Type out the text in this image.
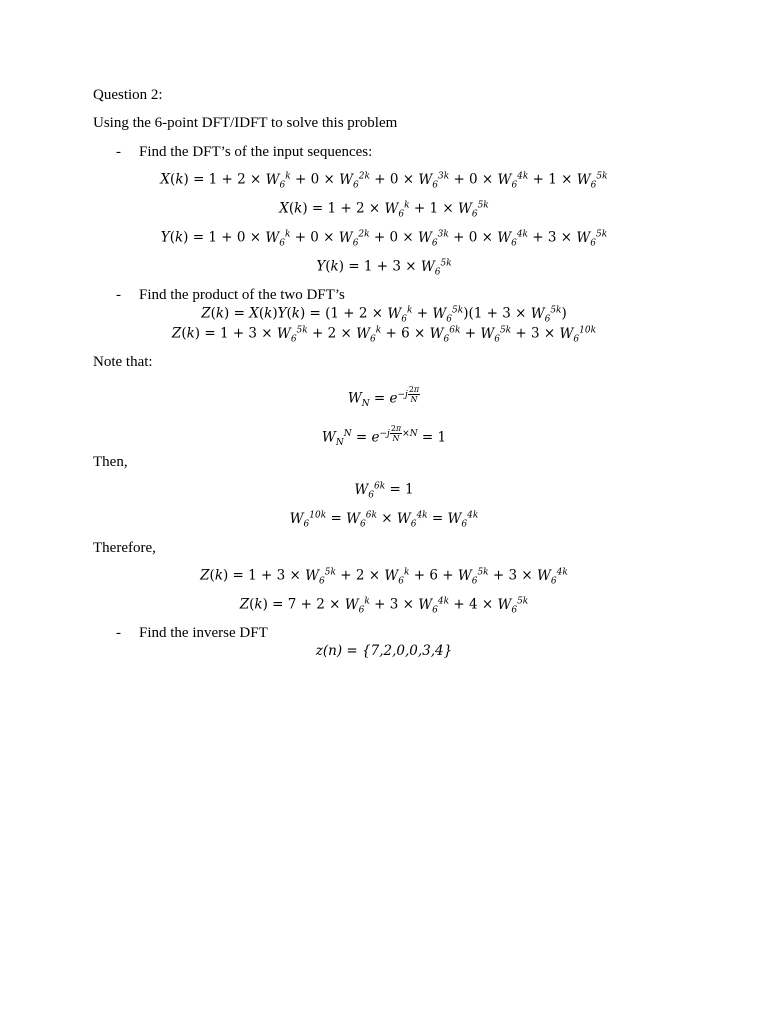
Question 2:
Using the 6-point DFT/IDFT to solve this problem
- Find the DFT’s of the input sequences:
$X(k) = 1 + 2 \times W_6^k + 0 \times W_6^{2k} + 0 \times W_6^{3k} + 0 \times W_6^{4k} + 1 \times W_6^{5k}$
$X(k) = 1 + 2 \times W_6^k + 1 \times W_6^{5k}$
$Y(k) = 1 + 0 \times W_6^k + 0 \times W_6^{2k} + 0 \times W_6^{3k} + 0 \times W_6^{4k} + 3 \times W_6^{5k}$
$Y(k) = 1 + 3 \times W_6^{5k}$
- Find the product of the two DFT’s
$Z(k) = X(k)Y(k) = (1 + 2 \times W_6^k + W_6^{5k})(1 + 3 \times W_6^{5k})$
$Z(k) = 1 + 3 \times W_6^{5k} + 2 \times W_6^k + 6 \times W_6^{6k} + W_6^{5k} + 3 \times W_6^{10k}$
Note that:
$W_N = e^{-j \frac{2\pi}{N}}$
$W_N^N = e^{-j \frac{2\pi}{N} \times N} = 1$
Then,
$W_6^{6k} = 1$
$W_6^{10k} = W_6^{6k} \times W_6^{4k} = W_6^{4k}$
Therefore,
$Z(k) = 1 + 3 \times W_6^{5k} + 2 \times W_6^k + 6 + W_6^{5k} + 3 \times W_6^{4k}$
$Z(k) = 7 + 2 \times W_6^k + 3 \times W_6^{4k} + 4 \times W_6^{5k}$
- Find the inverse DFT
z(n) = {7,2,0,0,3,4}
